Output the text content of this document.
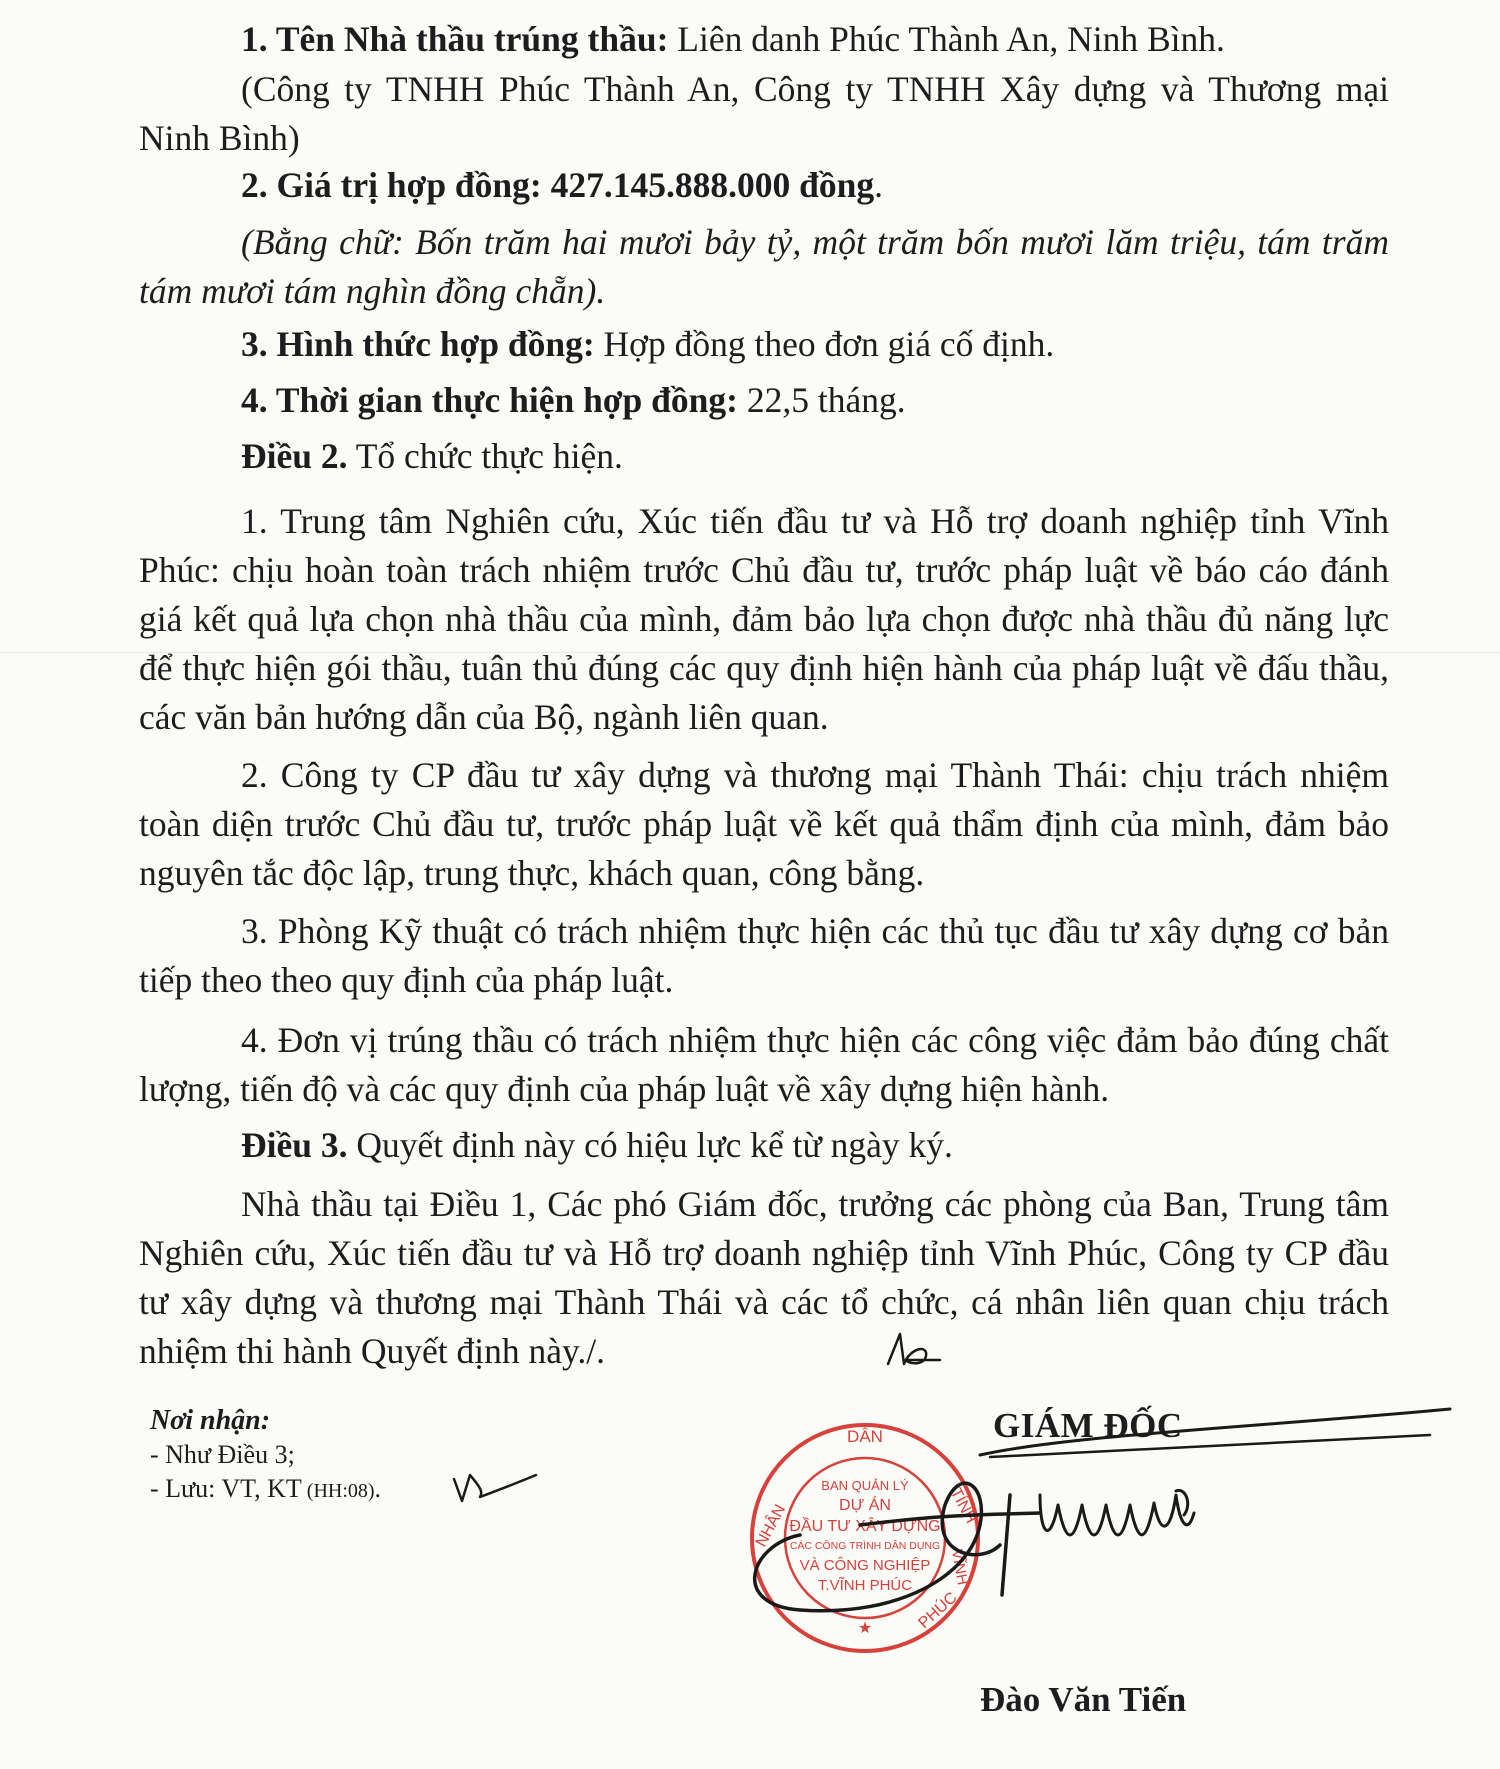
1. Tên Nhà thầu trúng thầu: Liên danh Phúc Thành An, Ninh Bình.

(Công ty TNHH Phúc Thành An, Công ty TNHH Xây dựng và Thương mại Ninh Bình)

2. Giá trị hợp đồng: 427.145.888.000 đồng.

(Bằng chữ: Bốn trăm hai mươi bảy tỷ, một trăm bốn mươi lăm triệu, tám trăm tám mươi tám nghìn đồng chẵn).

3. Hình thức hợp đồng: Hợp đồng theo đơn giá cố định.

4. Thời gian thực hiện hợp đồng: 22,5 tháng.

Điều 2. Tổ chức thực hiện.

1. Trung tâm Nghiên cứu, Xúc tiến đầu tư và Hỗ trợ doanh nghiệp tỉnh Vĩnh Phúc: chịu hoàn toàn trách nhiệm trước Chủ đầu tư, trước pháp luật về báo cáo đánh giá kết quả lựa chọn nhà thầu của mình, đảm bảo lựa chọn được nhà thầu đủ năng lực để thực hiện gói thầu, tuân thủ đúng các quy định hiện hành của pháp luật về đấu thầu, các văn bản hướng dẫn của Bộ, ngành liên quan.

2. Công ty CP đầu tư xây dựng và thương mại Thành Thái: chịu trách nhiệm toàn diện trước Chủ đầu tư, trước pháp luật về kết quả thẩm định của mình, đảm bảo nguyên tắc độc lập, trung thực, khách quan, công bằng.

3. Phòng Kỹ thuật có trách nhiệm thực hiện các thủ tục đầu tư xây dựng cơ bản tiếp theo theo quy định của pháp luật.

4. Đơn vị trúng thầu có trách nhiệm thực hiện các công việc đảm bảo đúng chất lượng, tiến độ và các quy định của pháp luật về xây dựng hiện hành.

Điều 3. Quyết định này có hiệu lực kể từ ngày ký.

Nhà thầu tại Điều 1, Các phó Giám đốc, trưởng các phòng của Ban, Trung tâm Nghiên cứu, Xúc tiến đầu tư và Hỗ trợ doanh nghiệp tỉnh Vĩnh Phúc, Công ty CP đầu tư xây dựng và thương mại Thành Thái và các tổ chức, cá nhân liên quan chịu trách nhiệm thi hành Quyết định này./.

Nơi nhận:
- Như Điều 3;
- Lưu: VT, KT (HH:08).
GIÁM ĐỐC
DÂN
NHÂN	TỈNH
PHÚC
VĨNH
★
BAN QUẢN LÝ
DỰ ÁN
ĐẦU TƯ XÂY DỰNG
CÁC CÔNG TRÌNH DÂN DỤNG
VÀ CÔNG NGHIỆP
T.VĨNH PHÚC
Đào Văn Tiến
